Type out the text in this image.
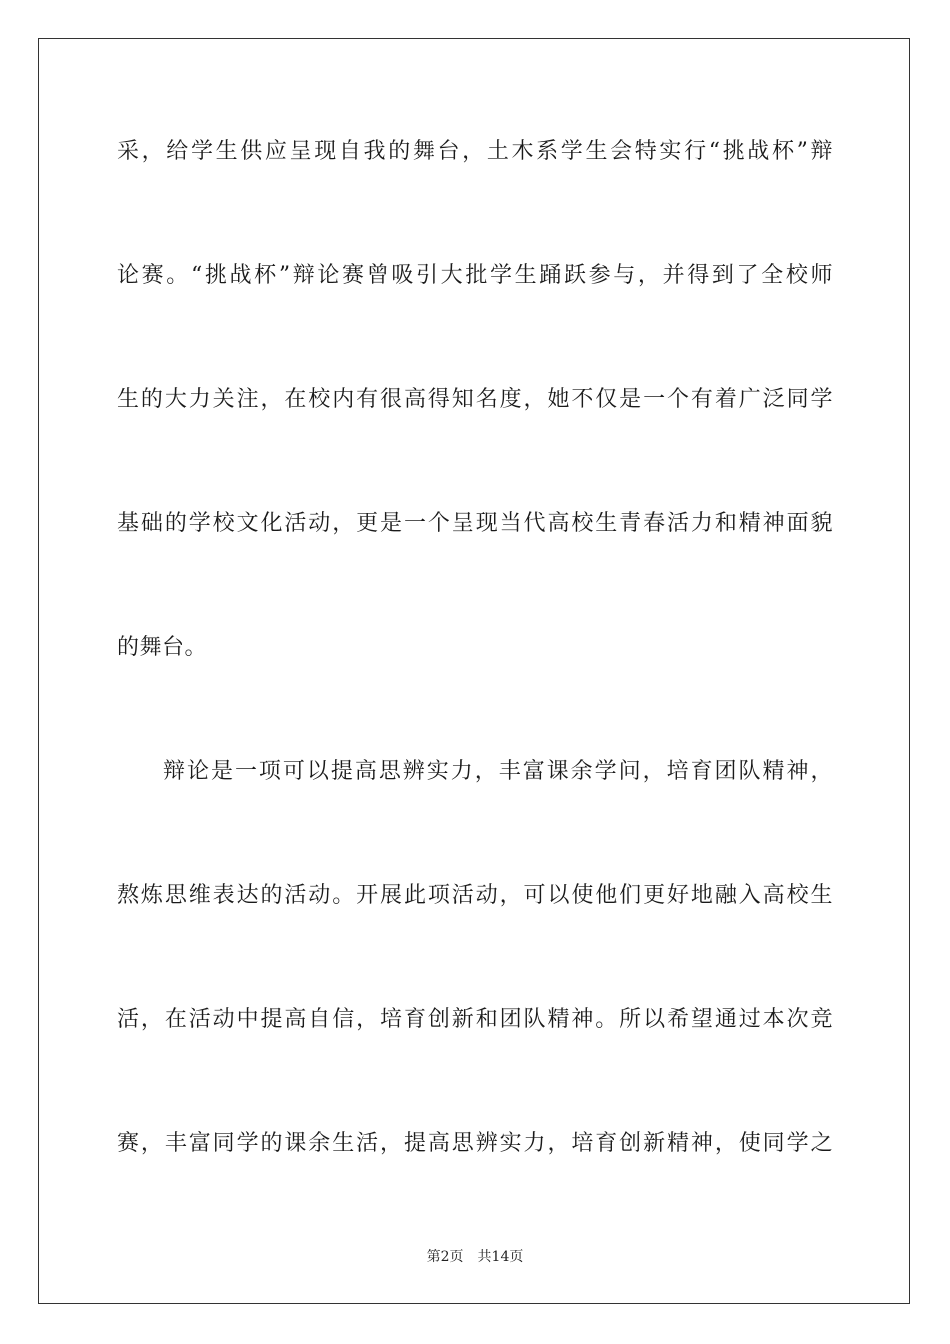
采，给学生供应呈现自我的舞台，土木系学生会特实行“挑战杯”辩
论赛。“挑战杯”辩论赛曾吸引大批学生踊跃参与，并得到了全校师
生的大力关注，在校内有很高得知名度，她不仅是一个有着广泛同学
基础的学校文化活动，更是一个呈现当代高校生青春活力和精神面貌
的舞台。
辩论是一项可以提高思辨实力，丰富课余学问，培育团队精神，
熬炼思维表达的活动。开展此项活动，可以使他们更好地融入高校生
活，在活动中提高自信，培育创新和团队精神。所以希望通过本次竞
赛，丰富同学的课余生活，提高思辨实力，培育创新精神，使同学之
第2页 共14页
